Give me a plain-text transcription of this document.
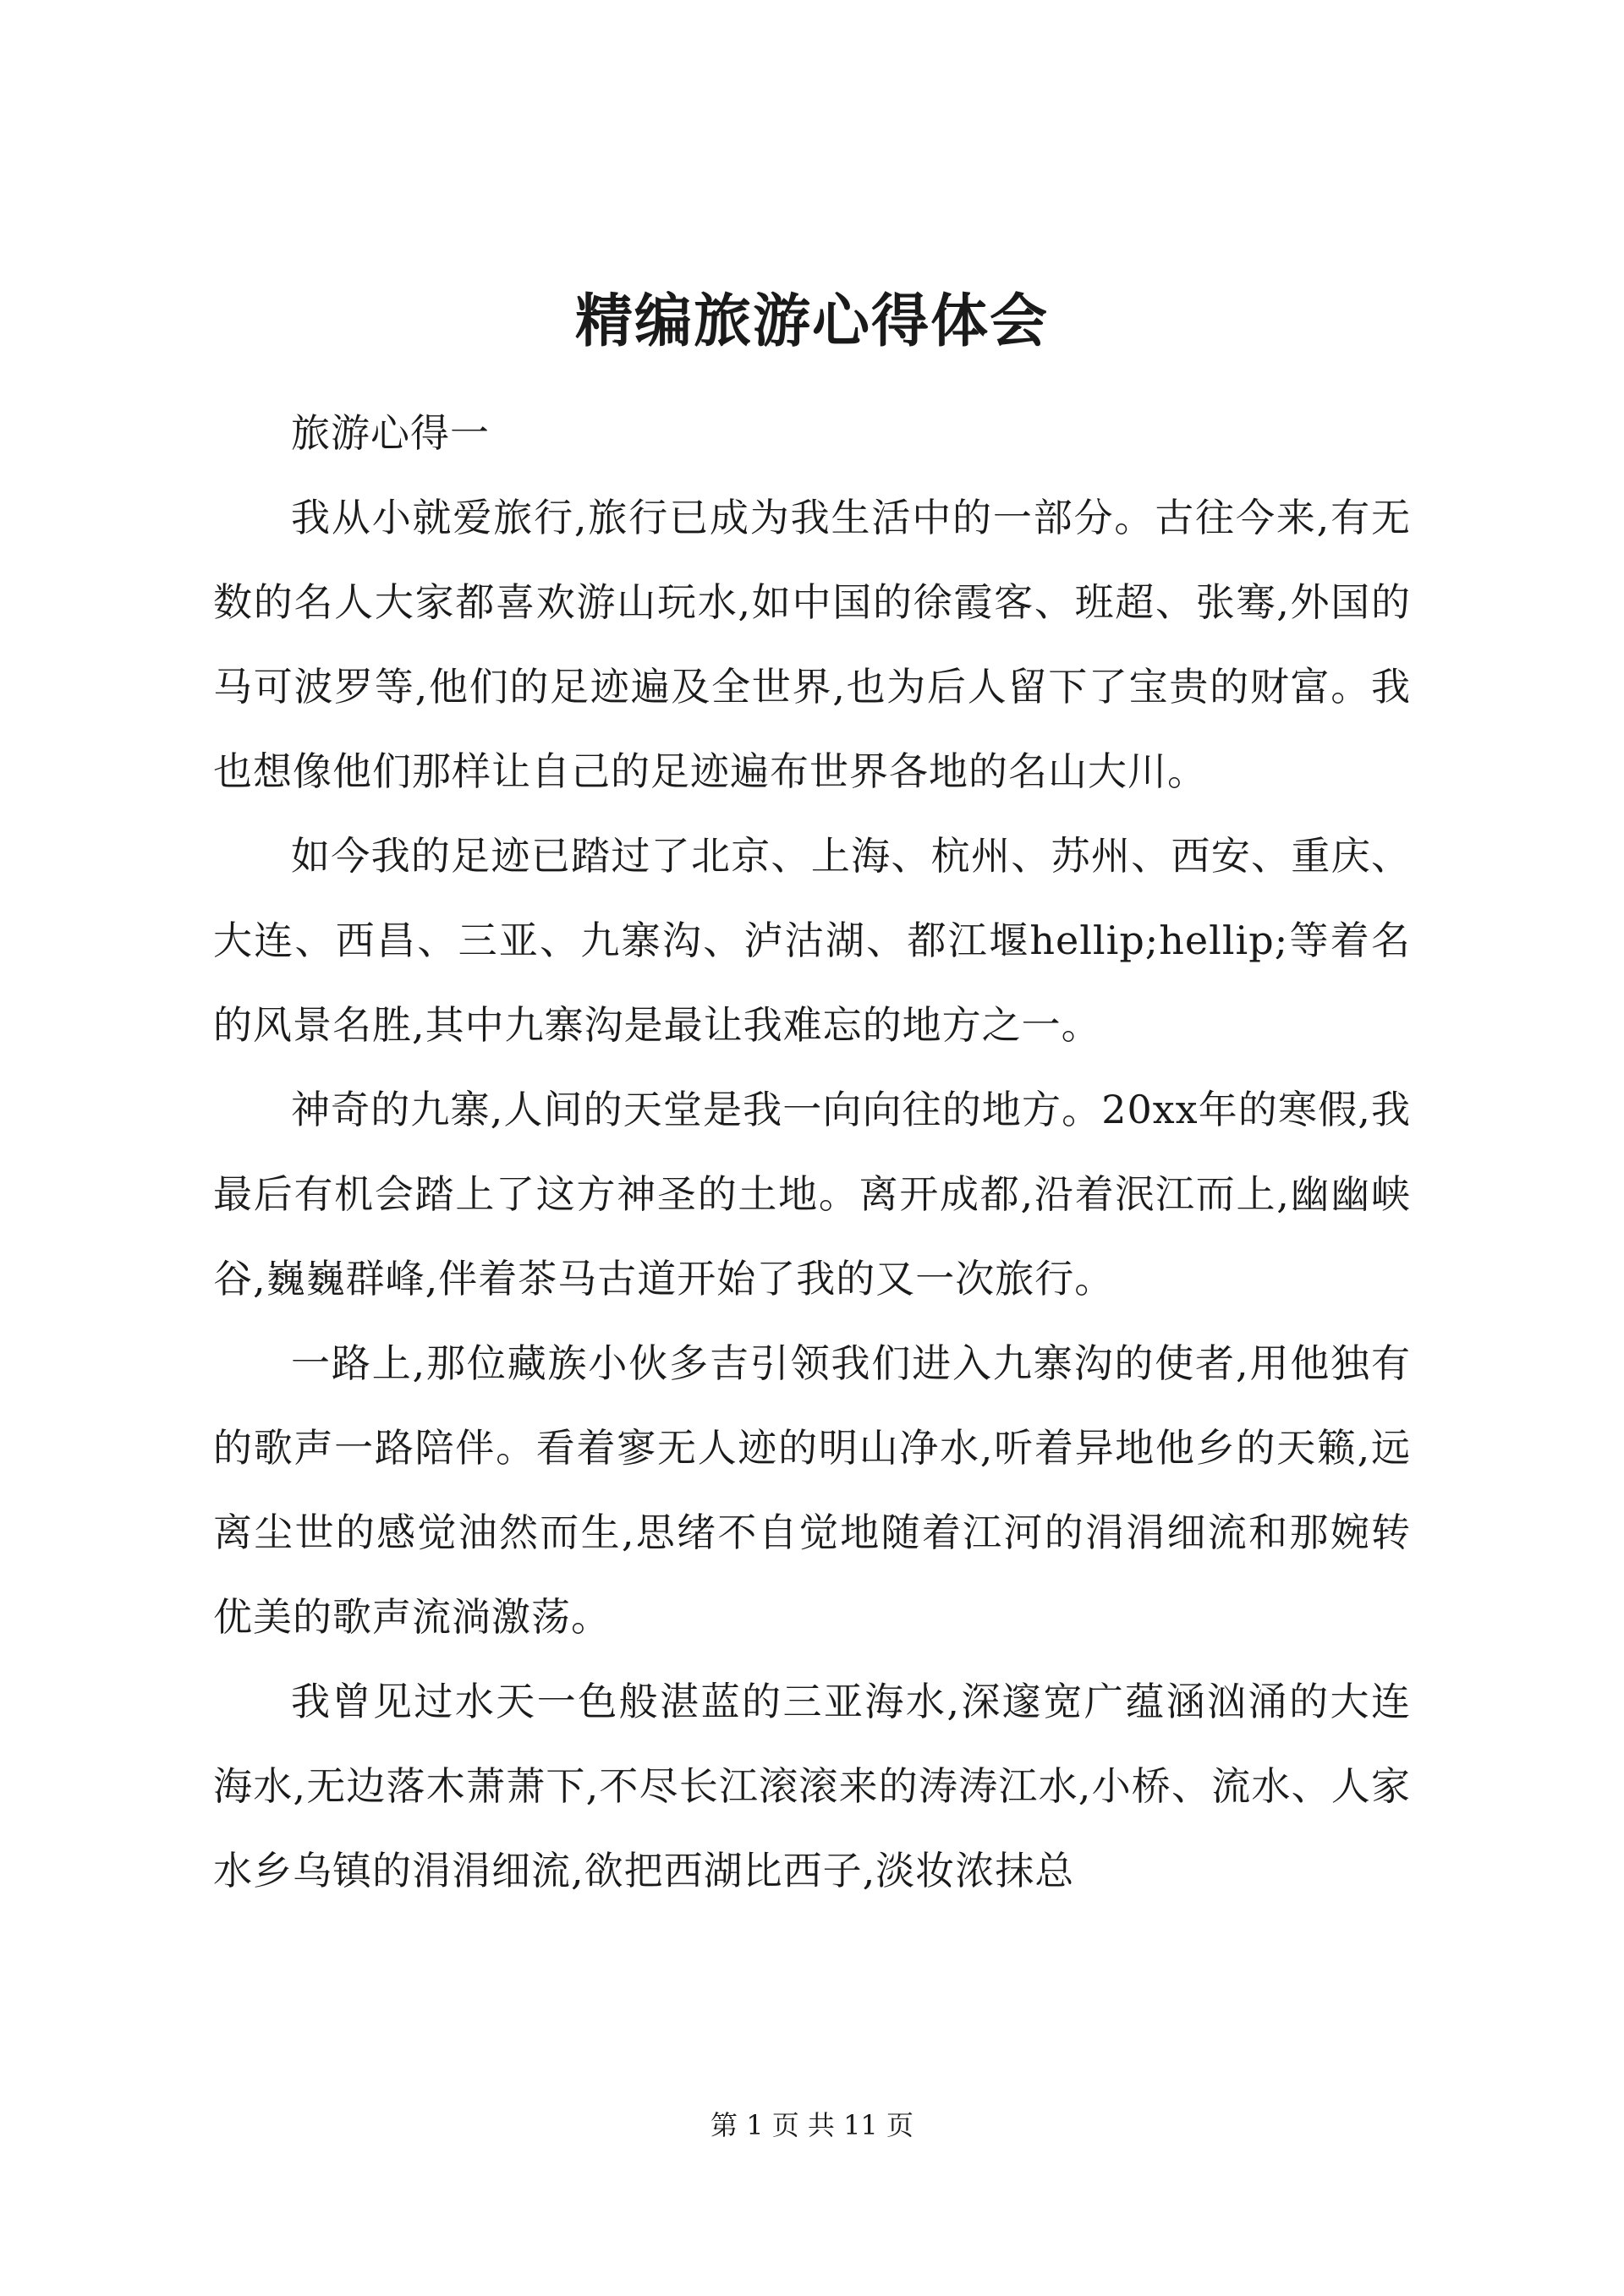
精编旅游心得体会

旅游心得一

我从小就爱旅行,旅行已成为我生活中的一部分。古往今来,有无数的名人大家都喜欢游山玩水,如中国的徐霞客、班超、张骞,外国的马可波罗等,他们的足迹遍及全世界,也为后人留下了宝贵的财富。我也想像他们那样让自己的足迹遍布世界各地的名山大川。

如今我的足迹已踏过了北京、上海、杭州、苏州、西安、重庆、大连、西昌、三亚、九寨沟、泸沽湖、都江堰hellip;hellip;等着名的风景名胜,其中九寨沟是最让我难忘的地方之一。

神奇的九寨,人间的天堂是我一向向往的地方。20xx年的寒假,我最后有机会踏上了这方神圣的土地。离开成都,沿着泯江而上,幽幽峡谷,巍巍群峰,伴着茶马古道开始了我的又一次旅行。

一路上,那位藏族小伙多吉引领我们进入九寨沟的使者,用他独有的歌声一路陪伴。看着寥无人迹的明山净水,听着异地他乡的天籁,远离尘世的感觉油然而生,思绪不自觉地随着江河的涓涓细流和那婉转优美的歌声流淌激荡。

我曾见过水天一色般湛蓝的三亚海水,深邃宽广蕴涵汹涌的大连海水,无边落木萧萧下,不尽长江滚滚来的涛涛江水,小桥、流水、人家水乡乌镇的涓涓细流,欲把西湖比西子,淡妆浓抹总

第 1 页 共 11 页
